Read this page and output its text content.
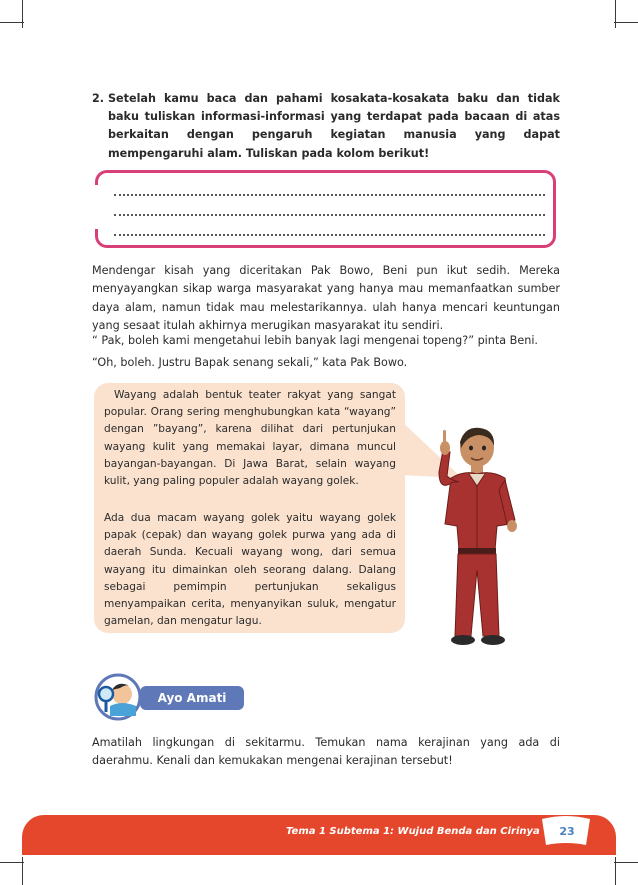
2. Setelah kamu baca dan pahami kosakata-kosakata baku dan tidak baku tuliskan informasi-informasi yang terdapat pada bacaan di atas berkaitan dengan pengaruh kegiatan manusia yang dapat mempengaruhi alam. Tuliskan pada kolom berikut!
Mendengar kisah yang diceritakan Pak Bowo, Beni pun ikut sedih. Mereka menyayangkan sikap warga masyarakat yang hanya mau memanfaatkan sumber daya alam, namun tidak mau melestarikannya. ulah hanya mencari keuntungan yang sesaat itulah akhirnya merugikan masyarakat itu sendiri.
“ Pak, boleh kami mengetahui lebih banyak lagi mengenai topeng?” pinta Beni.
“Oh, boleh. Justru Bapak senang sekali,” kata Pak Bowo.
Wayang adalah bentuk teater rakyat yang sangat popular. Orang sering menghubungkan kata “wayang” dengan ”bayang”, karena dilihat dari pertunjukan wayang kulit yang memakai layar, dimana muncul bayangan-bayangan. Di Jawa Barat, selain wayang kulit, yang paling populer adalah wayang golek.
Ada dua macam wayang golek yaitu wayang golek papak (cepak) dan wayang golek purwa yang ada di daerah Sunda. Kecuali wayang wong, dari semua wayang itu dimainkan oleh seorang dalang. Dalang sebagai pemimpin pertunjukan sekaligus menyampaikan cerita, menyanyikan suluk, mengatur gamelan, dan mengatur lagu.
Ayo Amati
Amatilah lingkungan di sekitarmu. Temukan nama kerajinan yang ada di daerahmu. Kenali dan kemukakan mengenai kerajinan tersebut!
Tema 1 Subtema 1: Wujud Benda dan Cirinya 23
